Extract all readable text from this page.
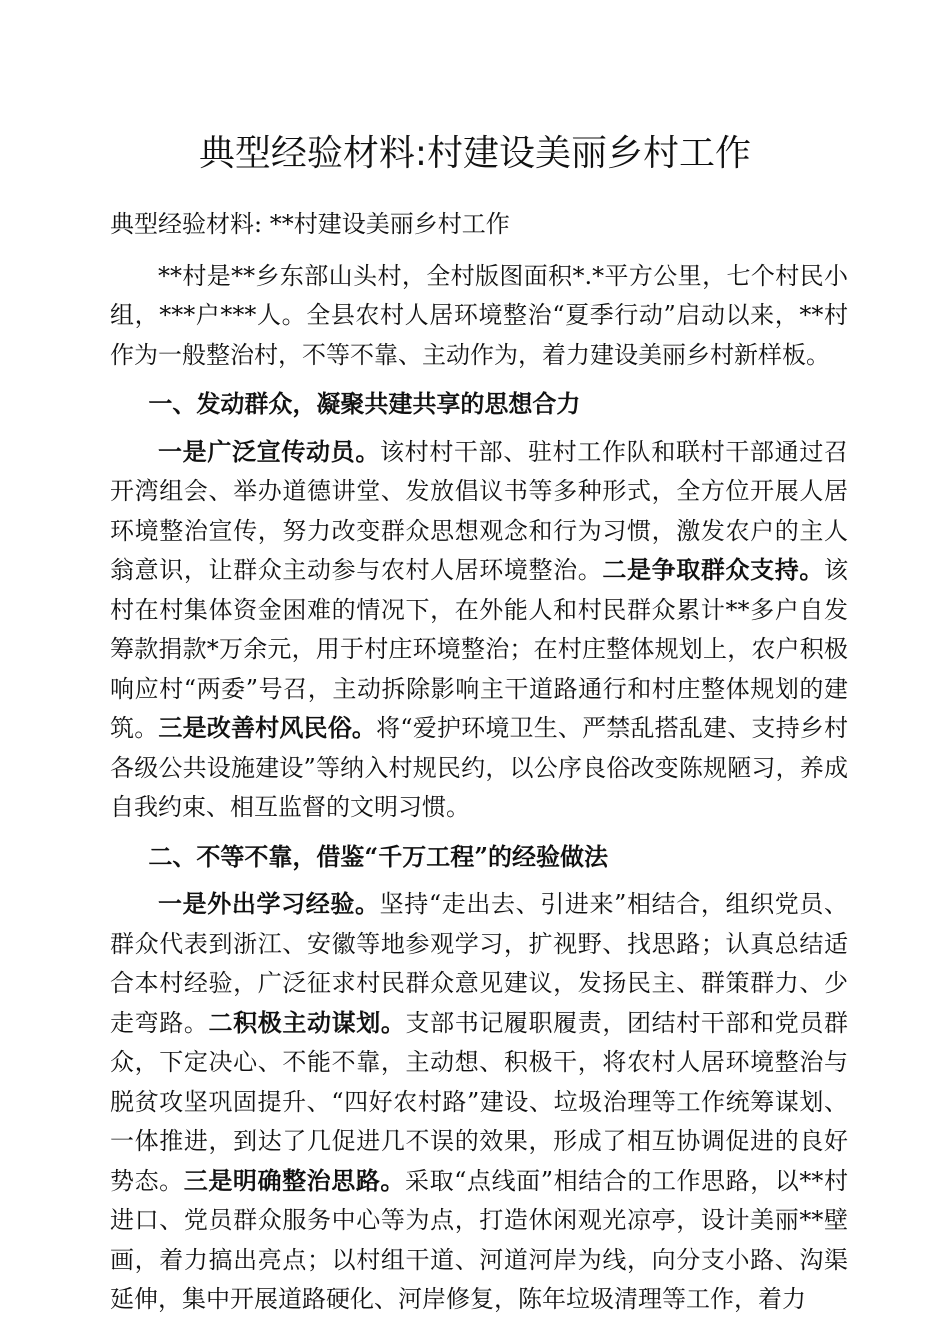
典型经验材料:村建设美丽乡村工作
典型经验材料: **村建设美丽乡村工作

**村是**乡东部山头村，全村版图面积*.*平方公里，七个村民小组，***户***人。全县农村人居环境整治“夏季行动”启动以来，**村作为一般整治村，不等不靠、主动作为，着力建设美丽乡村新样板。

一、发动群众，凝聚共建共享的思想合力

一是广泛宣传动员。该村村干部、驻村工作队和联村干部通过召开湾组会、举办道德讲堂、发放倡议书等多种形式，全方位开展人居环境整治宣传，努力改变群众思想观念和行为习惯，激发农户的主人翁意识，让群众主动参与农村人居环境整治。二是争取群众支持。该村在村集体资金困难的情况下，在外能人和村民群众累计**多户自发筹款捐款*万余元，用于村庄环境整治；在村庄整体规划上，农户积极响应村“两委”号召，主动拆除影响主干道路通行和村庄整体规划的建筑。三是改善村风民俗。将“爱护环境卫生、严禁乱搭乱建、支持乡村各级公共设施建设”等纳入村规民约，以公序良俗改变陈规陋习，养成自我约束、相互监督的文明习惯。

二、不等不靠，借鉴“千万工程”的经验做法

一是外出学习经验。坚持“走出去、引进来”相结合，组织党员、群众代表到浙江、安徽等地参观学习，扩视野、找思路；认真总结适合本村经验，广泛征求村民群众意见建议，发扬民主、群策群力、少走弯路。二积极主动谋划。支部书记履职履责，团结村干部和党员群众，下定决心、不能不靠，主动想、积极干，将农村人居环境整治与脱贫攻坚巩固提升、“四好农村路”建设、垃圾治理等工作统筹谋划、一体推进，到达了几促进几不误的效果，形成了相互协调促进的良好势态。三是明确整治思路。采取“点线面”相结合的工作思路，以**村进口、党员群众服务中心等为点，打造休闲观光凉亭，设计美丽**壁画，着力搞出亮点；以村组干道、河道河岸为线，向分支小路、沟渠延伸，集中开展道路硬化、河岸修复，陈年垃圾清理等工作，着力
